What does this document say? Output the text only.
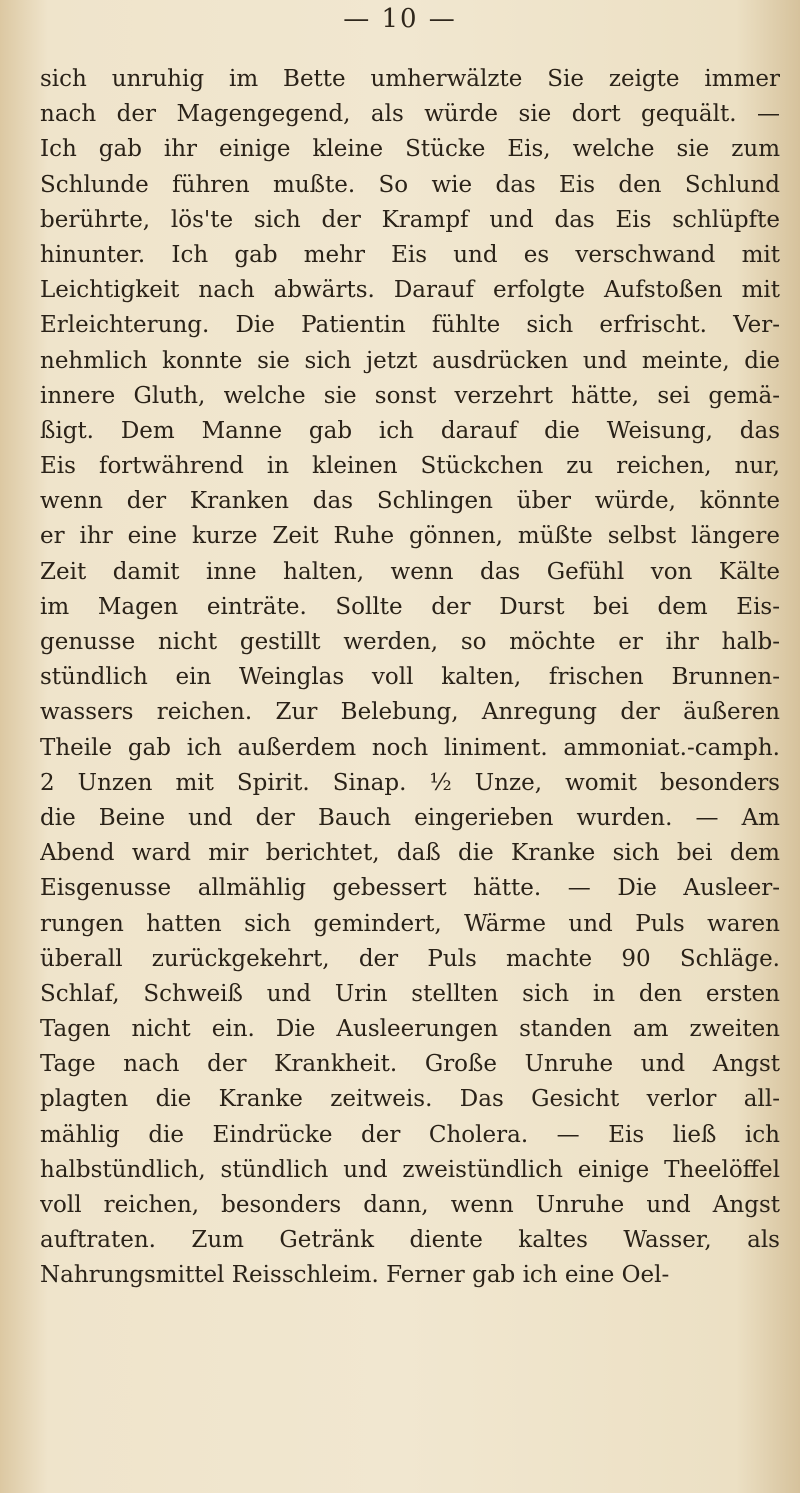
— 10 —
sich unruhig im Bette umherwälzte Sie zeigte immer
nach der Magengegend, als würde sie dort gequält. —
Ich gab ihr einige kleine Stücke Eis, welche sie zum
Schlunde führen mußte. So wie das Eis den Schlund
berührte, lös'te sich der Krampf und das Eis schlüpfte
hinunter. Ich gab mehr Eis und es verschwand mit
Leichtigkeit nach abwärts. Darauf erfolgte Aufstoßen mit
Erleichterung. Die Patientin fühlte sich erfrischt. Ver-
nehmlich konnte sie sich jetzt ausdrücken und meinte, die
innere Gluth, welche sie sonst verzehrt hätte, sei gemä-
ßigt. Dem Manne gab ich darauf die Weisung, das
Eis fortwährend in kleinen Stückchen zu reichen, nur,
wenn der Kranken das Schlingen über würde, könnte
er ihr eine kurze Zeit Ruhe gönnen, müßte selbst längere
Zeit damit inne halten, wenn das Gefühl von Kälte
im Magen einträte. Sollte der Durst bei dem Eis-
genusse nicht gestillt werden, so möchte er ihr halb-
stündlich ein Weinglas voll kalten, frischen Brunnen-
wassers reichen. Zur Belebung, Anregung der äußeren
Theile gab ich außerdem noch liniment. ammoniat.-camph.
2 Unzen mit Spirit. Sinap. ½ Unze, womit besonders
die Beine und der Bauch eingerieben wurden. — Am
Abend ward mir berichtet, daß die Kranke sich bei dem
Eisgenusse allmählig gebessert hätte. — Die Ausleer-
rungen hatten sich gemindert, Wärme und Puls waren
überall zurückgekehrt, der Puls machte 90 Schläge.
Schlaf, Schweiß und Urin stellten sich in den ersten
Tagen nicht ein. Die Ausleerungen standen am zweiten
Tage nach der Krankheit. Große Unruhe und Angst
plagten die Kranke zeitweis. Das Gesicht verlor all-
mählig die Eindrücke der Cholera. — Eis ließ ich
halbstündlich, stündlich und zweistündlich einige Theelöffel
voll reichen, besonders dann, wenn Unruhe und Angst
auftraten. Zum Getränk diente kaltes Wasser, als
Nahrungsmittel Reisschleim. Ferner gab ich eine Oel-
